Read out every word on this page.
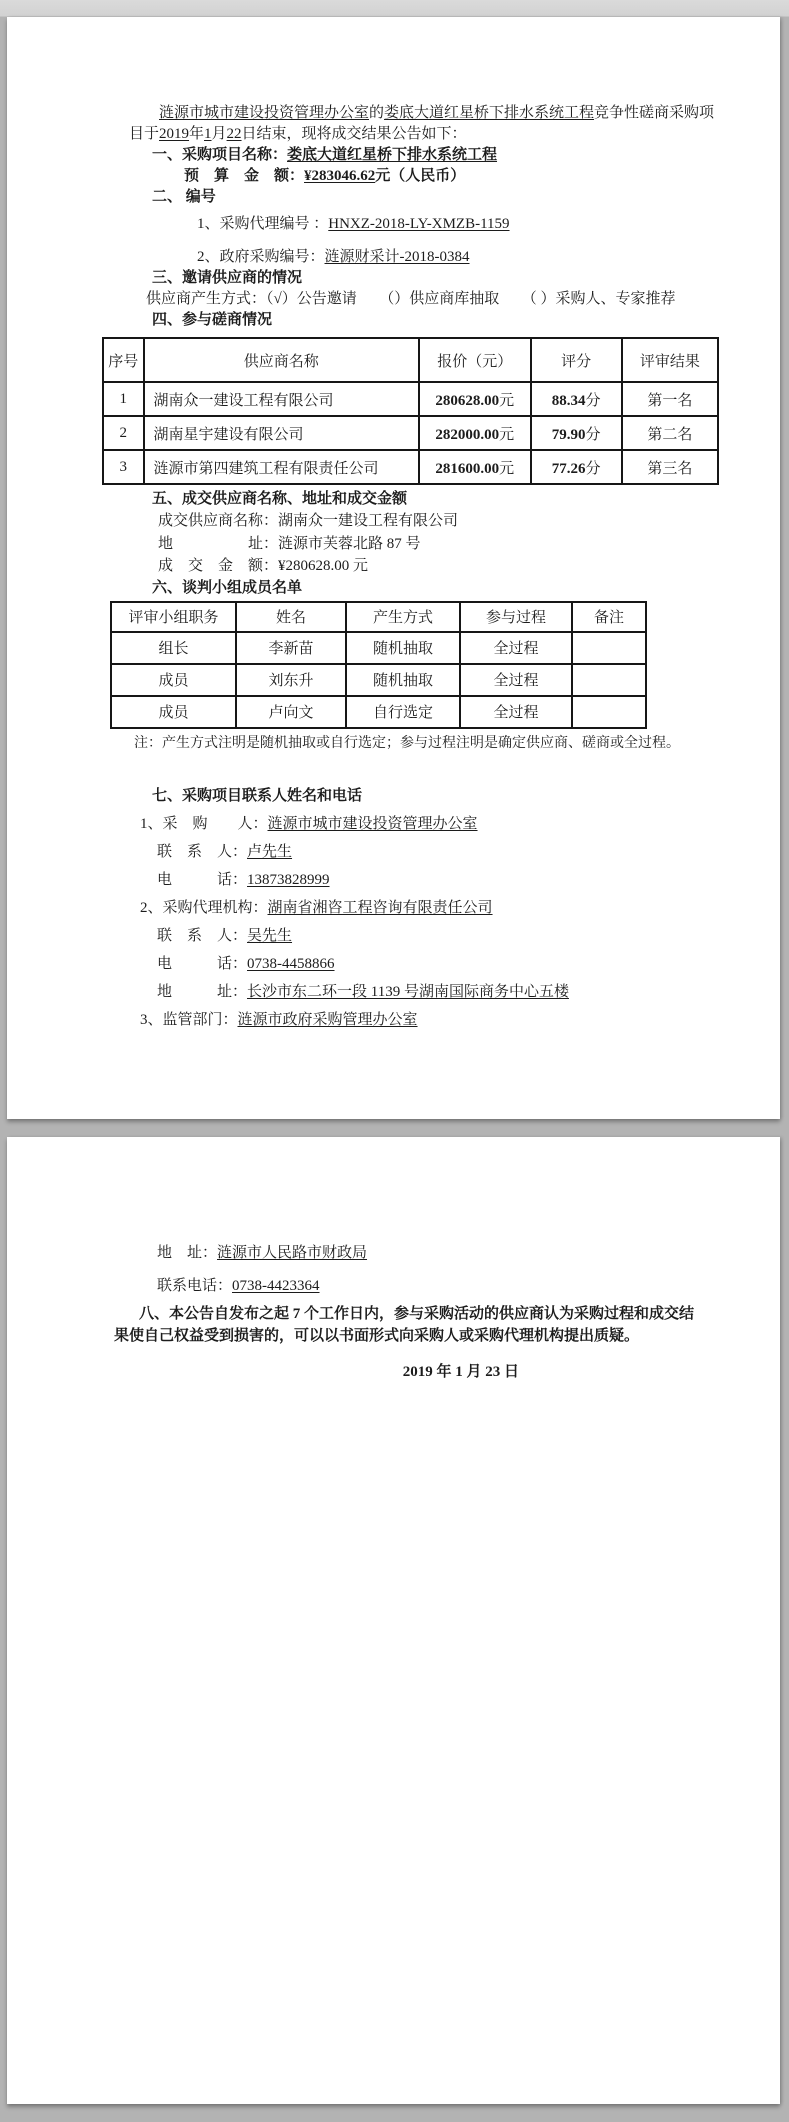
涟源市城市建设投资管理办公室的娄底大道红星桥下排水系统工程竞争性磋商采购项目于2019年1月22日结束，现将成交结果公告如下：

一、采购项目名称：娄底大道红星桥下排水系统工程

预　算　金　额：¥283046.62元（人民币）

二、 编号

1、采购代理编号 ：HNXZ-2018-LY-XMZB-1159

2、政府采购编号：涟源财采计-2018-0384

三、邀请供应商的情况

供应商产生方式：（√）公告邀请　　（）供应商库抽取　　（ ）采购人、专家推荐

四、参与磋商情况

序号	供应商名称	报价（元）	评分	评审结果
1	湖南众一建设工程有限公司	280628.00元	88.34分	第一名
2	湖南星宇建设有限公司	282000.00元	79.90分	第二名
3	涟源市第四建筑工程有限责任公司	281600.00元	77.26分	第三名

五、成交供应商名称、地址和成交金额

成交供应商名称：湖南众一建设工程有限公司

地　　　　　址：涟源市芙蓉北路 87 号

成　交　金　额：¥280628.00 元

六、谈判小组成员名单

评审小组职务	姓名	产生方式	参与过程	备注
组长	李新苗	随机抽取	全过程	
成员	刘东升	随机抽取	全过程	
成员	卢向文	自行选定	全过程	

注：产生方式注明是随机抽取或自行选定；参与过程注明是确定供应商、磋商或全过程。

七、采购项目联系人姓名和电话

1、采　购　　人：涟源市城市建设投资管理办公室

联　系　人：卢先生

电　　　话：13873828999

2、采购代理机构：湖南省湘咨工程咨询有限责任公司

联　系　人：吴先生

电　　　话：0738-4458866

地　　　址：长沙市东二环一段 1139 号湖南国际商务中心五楼

3、监管部门：涟源市政府采购管理办公室

地　址：涟源市人民路市财政局

联系电话：0738-4423364

八、本公告自发布之起 7 个工作日内，参与采购活动的供应商认为采购过程和成交结果使自己权益受到损害的，可以以书面形式向采购人或采购代理机构提出质疑。

2019 年 1 月 23 日
